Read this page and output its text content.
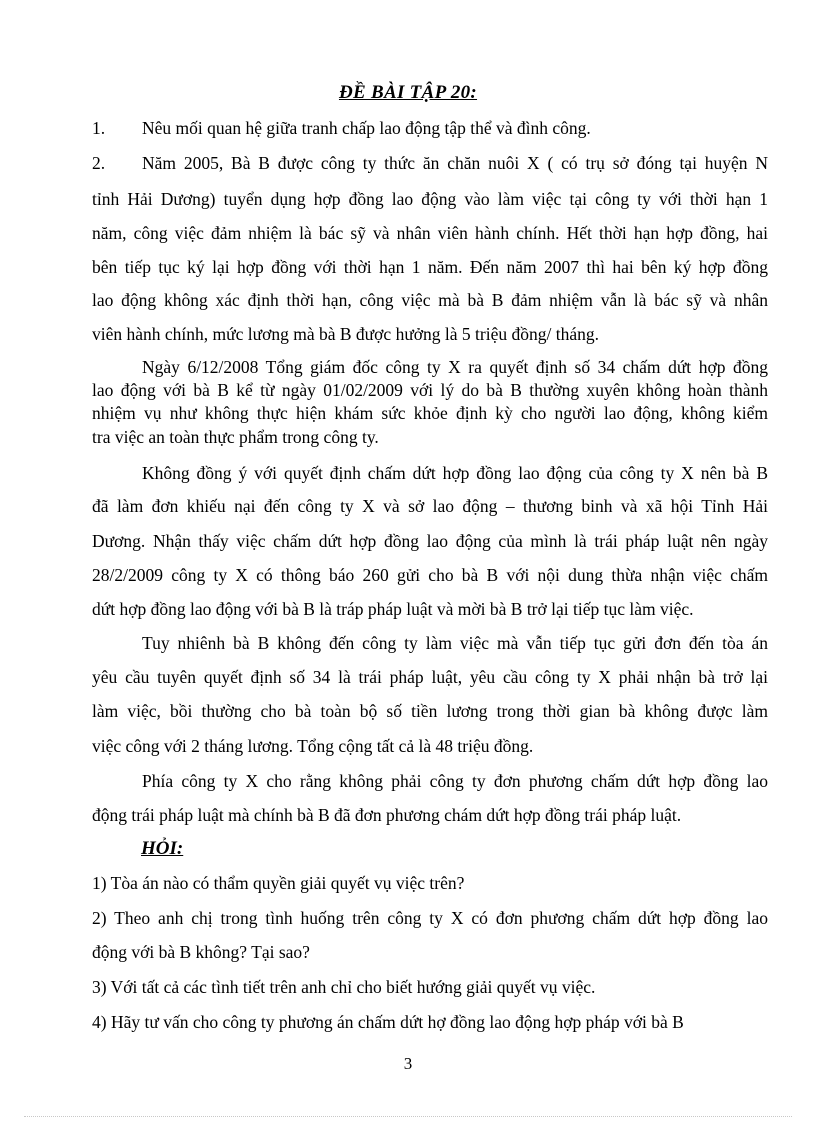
ĐỀ BÀI TẬP 20:
1. Nêu mối quan hệ giữa tranh chấp lao động tập thể và đình công.
2. Năm 2005, Bà B được công ty thức ăn chăn nuôi X ( có trụ sở đóng tại huyện N
tỉnh Hải Dương) tuyển dụng hợp đồng lao động vào làm việc tại công ty với thời hạn 1
năm, công việc đảm nhiệm là bác sỹ và nhân viên hành chính. Hết thời hạn hợp đồng, hai
bên tiếp tục ký lại hợp đồng với thời hạn 1 năm. Đến năm 2007 thì hai bên ký hợp đồng
lao động không xác định thời hạn, công việc mà bà B đảm nhiệm vẫn là bác sỹ và nhân
viên hành chính, mức lương mà bà B được hưởng là 5 triệu đồng/ tháng.
Ngày 6/12/2008 Tổng giám đốc công ty X ra quyết định số 34 chấm dứt hợp đồng
lao động với bà B kể từ ngày 01/02/2009 với lý do bà B thường xuyên không hoàn thành
nhiệm vụ như không thực hiện khám sức khỏe định kỳ cho người lao động, không kiểm
tra việc an toàn thực phẩm trong công ty.
Không đồng ý với quyết định chấm dứt hợp đồng lao động của công ty X nên bà B
đã làm đơn khiếu nại đến công ty X và sở lao động – thương binh và xã hội Tỉnh Hải
Dương. Nhận thấy việc chấm dứt hợp đồng lao động của mình là trái pháp luật nên ngày
28/2/2009 công ty X có thông báo 260 gửi cho bà B với nội dung thừa nhận việc chấm
dứt hợp đồng lao động với bà B là tráp pháp luật và mời bà B trở lại tiếp tục làm việc.
Tuy nhiênh bà B không đến công ty làm việc mà vẫn tiếp tục gửi đơn đến tòa án
yêu cầu tuyên quyết định số 34 là trái pháp luật, yêu cầu công ty X phải nhận bà trở lại
làm việc, bồi thường cho bà toàn bộ số tiền lương trong thời gian bà không được làm
việc công với 2 tháng lương. Tổng cộng tất cả là 48 triệu đồng.
Phía công ty X cho rằng không phải công ty đơn phương chấm dứt hợp đồng lao
động trái pháp luật mà chính bà B đã đơn phương chám dứt hợp đồng trái pháp luật.
HỎI:
1) Tòa án nào có thẩm quyền giải quyết vụ việc trên?
2) Theo anh chị trong tình huống trên công ty X có đơn phương chấm dứt hợp đồng lao
động với bà B không? Tại sao?
3) Với tất cả các tình tiết trên anh chỉ cho biết hướng giải quyết vụ việc.
4) Hãy tư vấn cho công ty phương án chấm dứt hợ đồng lao động hợp pháp với bà B
3
